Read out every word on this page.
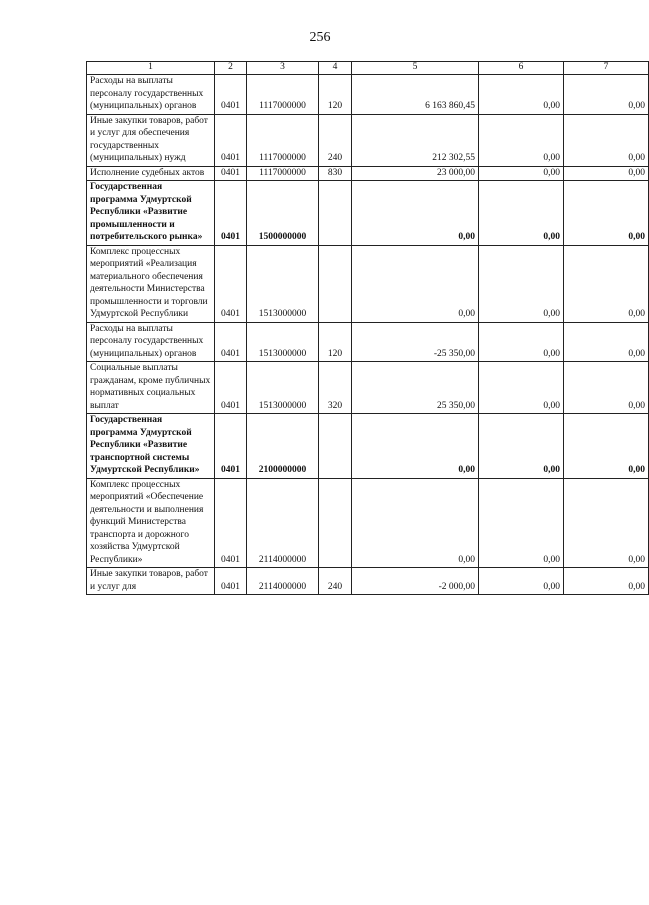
256
1	2	3	4	5	6	7
Расходы на выплаты персоналу государственных (муниципальных) органов	0401	1117000000	120	6 163 860,45	0,00	0,00
Иные закупки товаров, работ и услуг для обеспечения государственных (муниципальных) нужд	0401	1117000000	240	212 302,55	0,00	0,00
Исполнение судебных актов	0401	1117000000	830	23 000,00	0,00	0,00
Государственная программа Удмуртской Республики «Развитие промышленности и потребительского рынка»	0401	1500000000		0,00	0,00	0,00
Комплекс процессных мероприятий «Реализация материального обеспечения деятельности Министерства промышленности и торговли Удмуртской Республики	0401	1513000000		0,00	0,00	0,00
Расходы на выплаты персоналу государственных (муниципальных) органов	0401	1513000000	120	-25 350,00	0,00	0,00
Социальные выплаты гражданам, кроме публичных нормативных социальных выплат	0401	1513000000	320	25 350,00	0,00	0,00
Государственная программа Удмуртской Республики «Развитие транспортной системы Удмуртской Республики»	0401	2100000000		0,00	0,00	0,00
Комплекс процессных мероприятий «Обеспечение деятельности и выполнения функций Министерства транспорта и дорожного хозяйства Удмуртской Республики»	0401	2114000000		0,00	0,00	0,00
Иные закупки товаров, работ и услуг для	0401	2114000000	240	-2 000,00	0,00	0,00
